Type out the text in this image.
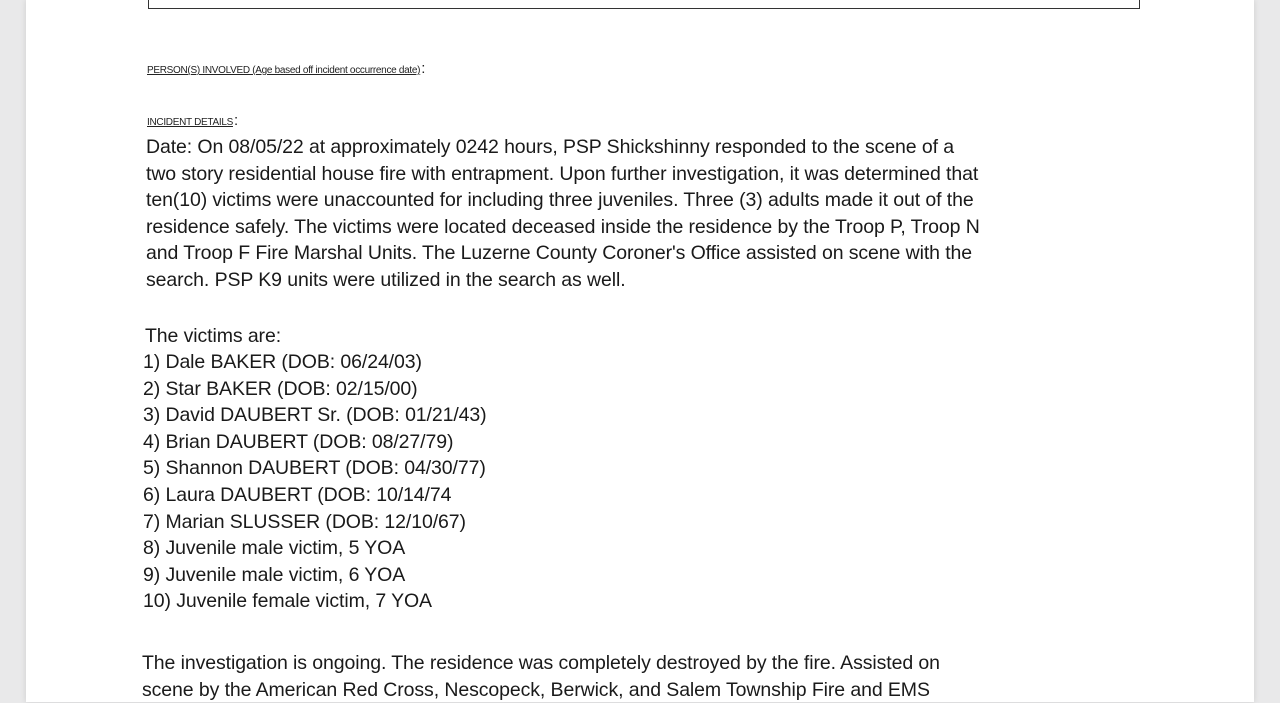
PERSON(S) INVOLVED (Age based off incident occurrence date):
INCIDENT DETAILS:
Date: On 08/05/22 at approximately 0242 hours, PSP Shickshinny responded to the scene of a
two story residential house fire with entrapment. Upon further investigation, it was determined that
ten(10) victims were unaccounted for including three juveniles. Three (3) adults made it out of the
residence safely. The victims were located deceased inside the residence by the Troop P, Troop N
and Troop F Fire Marshal Units. The Luzerne County Coroner's Office assisted on scene with the
search. PSP K9 units were utilized in the search as well.
The victims are:
1) Dale BAKER (DOB: 06/24/03)
2) Star BAKER (DOB: 02/15/00)
3) David DAUBERT Sr. (DOB: 01/21/43)
4) Brian DAUBERT (DOB: 08/27/79)
5) Shannon DAUBERT (DOB: 04/30/77)
6) Laura DAUBERT (DOB: 10/14/74
7) Marian SLUSSER (DOB: 12/10/67)
8) Juvenile male victim, 5 YOA
9) Juvenile male victim, 6 YOA
10) Juvenile female victim, 7 YOA
The investigation is ongoing. The residence was completely destroyed by the fire. Assisted on
scene by the American Red Cross, Nescopeck, Berwick, and Salem Township Fire and EMS
